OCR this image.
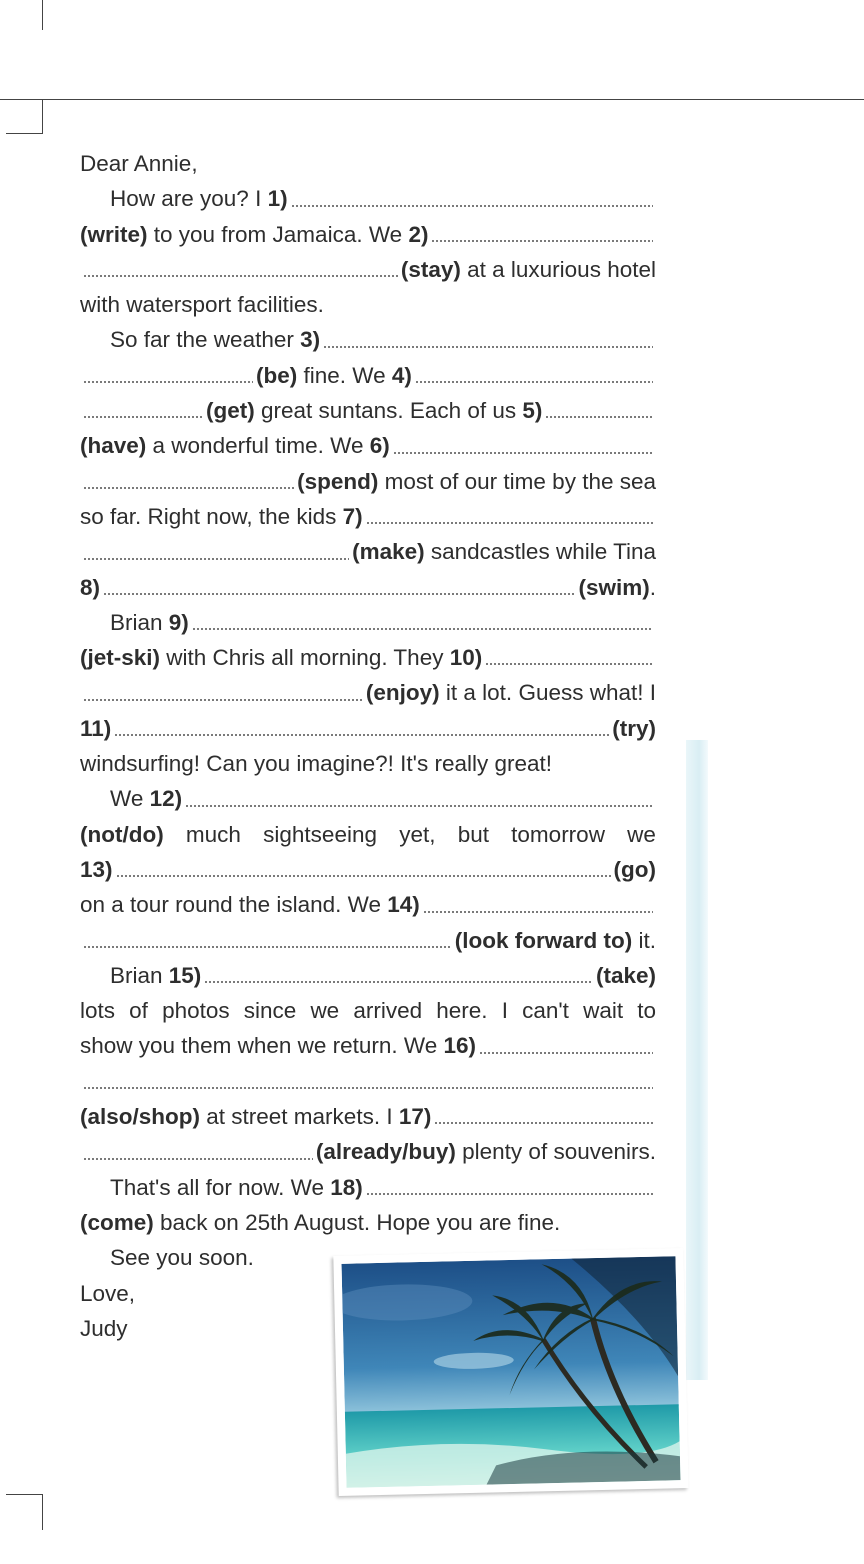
Dear Annie,
How are you? I 1)
(write) to you from Jamaica. We 2)
(stay) at a luxurious hotel
with watersport facilities.
So far the weather 3)
(be) fine. We 4)
(get) great suntans. Each of us 5)
(have) a wonderful time. We 6)
(spend) most of our time by the sea
so far. Right now, the kids 7)
(make) sandcastles while Tina
8)	(swim) .
Brian 9)
(jet-ski) with Chris all morning. They 10)
(enjoy) it a lot. Guess what! I
11)	(try)
windsurfing! Can you imagine?! It's really great!
We 12)
(not/do) much sightseeing yet, but tomorrow we
13)	(go)
on a tour round the island. We 14)
(look forward to) it.
Brian 15)	(take)
lots of photos since we arrived here. I can't wait to
show you them when we return. We 16)
(also/shop) at street markets. I 17)
(already/buy) plenty of souvenirs.
That's all for now. We 18)
(come) back on 25th August. Hope you are fine.
See you soon.
Love,
Judy
